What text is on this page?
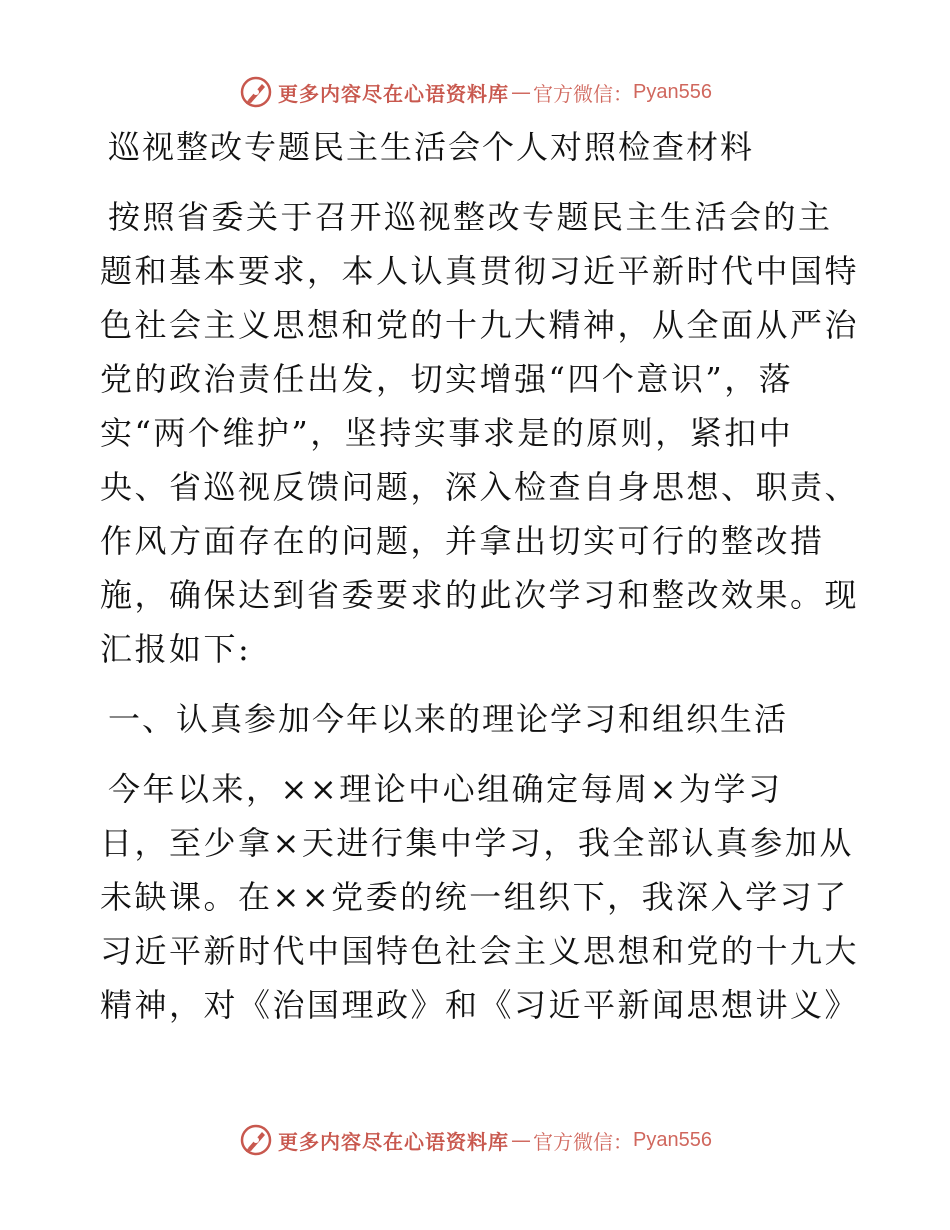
更多内容尽在心语资料库 — 官方微信： Pyan556
巡视整改专题民主生活会个人对照检查材料
按照省委关于召开巡视整改专题民主生活会的主
题和基本要求，本人认真贯彻习近平新时代中国特
色社会主义思想和党的十九大精神，从全面从严治
党的政治责任出发，切实增强“四个意识”，落
实“两个维护”，坚持实事求是的原则，紧扣中
央、省巡视反馈问题，深入检查自身思想、职责、
作风方面存在的问题，并拿出切实可行的整改措
施，确保达到省委要求的此次学习和整改效果。现
汇报如下:
一、认真参加今年以来的理论学习和组织生活
今年以来，××理论中心组确定每周×为学习
日，至少拿×天进行集中学习，我全部认真参加从
未缺课。在××党委的统一组织下，我深入学习了
习近平新时代中国特色社会主义思想和党的十九大
精神，对《治国理政》和《习近平新闻思想讲义》
更多内容尽在心语资料库 — 官方微信： Pyan556
